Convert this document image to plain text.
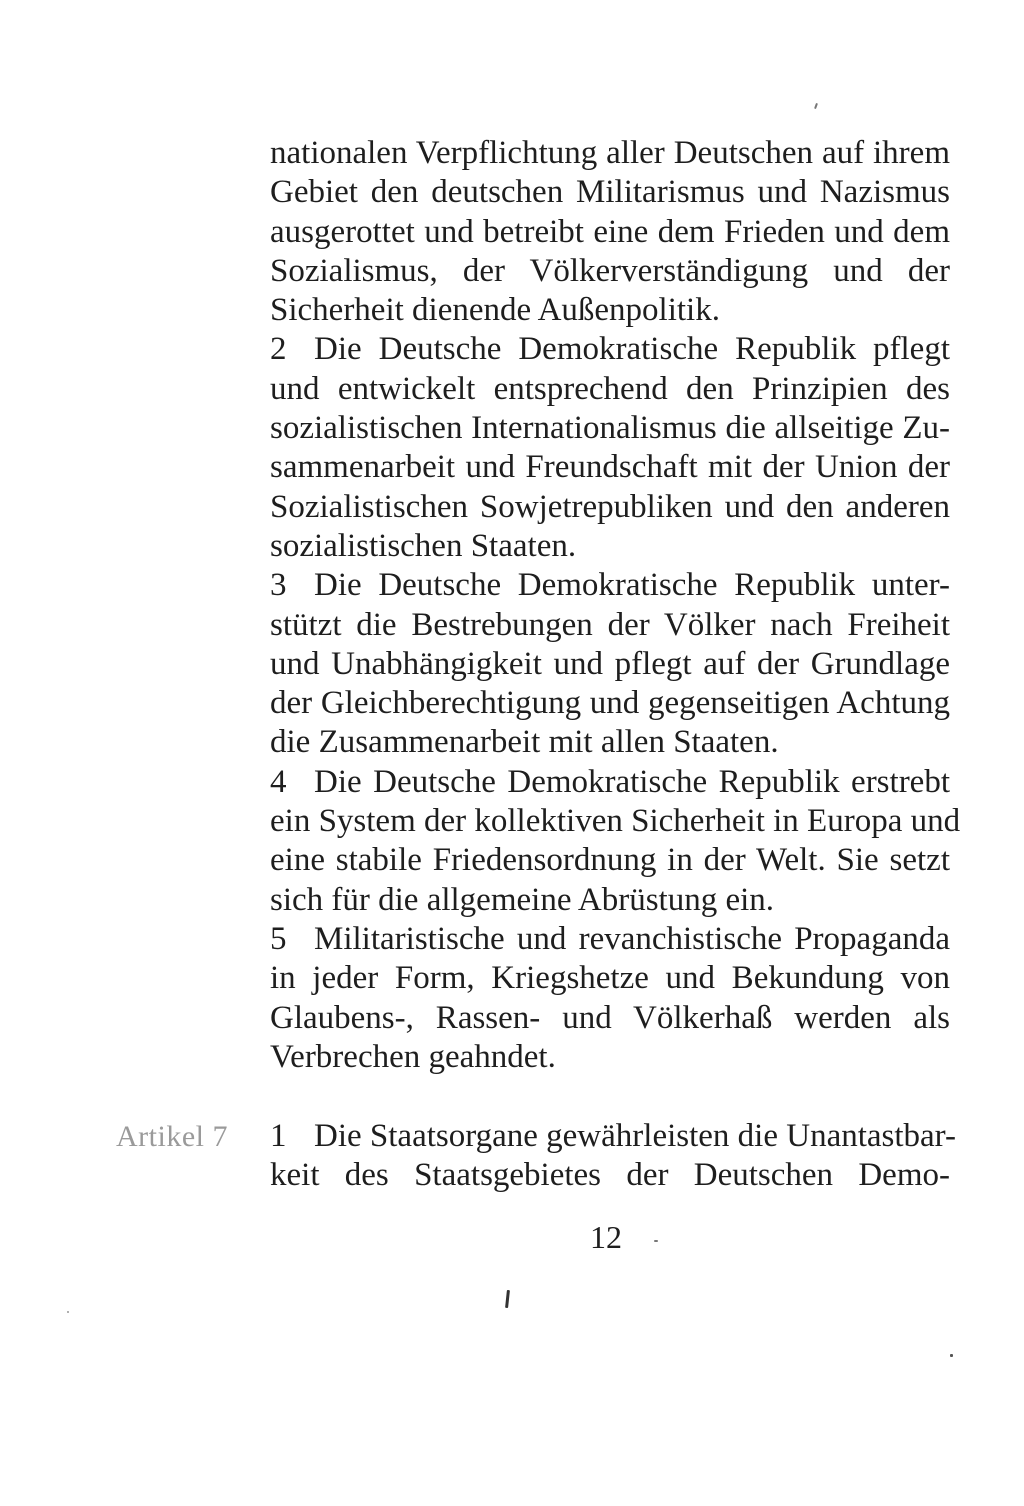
nationalen Verpflichtung aller Deutschen auf ihrem
Gebiet den deutschen Militarismus und Nazismus
ausgerottet und betreibt eine dem Frieden und dem
Sozialismus, der Völkerverständigung und der
Sicherheit dienende Außenpolitik.
2 Die Deutsche Demokratische Republik pflegt
und entwickelt entsprechend den Prinzipien des
sozialistischen Internationalismus die allseitige Zu-
sammenarbeit und Freundschaft mit der Union der
Sozialistischen Sowjetrepubliken und den anderen
sozialistischen Staaten.
3 Die Deutsche Demokratische Republik unter-
stützt die Bestrebungen der Völker nach Freiheit
und Unabhängigkeit und pflegt auf der Grundlage
der Gleichberechtigung und gegenseitigen Achtung
die Zusammenarbeit mit allen Staaten.
4 Die Deutsche Demokratische Republik erstrebt
ein System der kollektiven Sicherheit in Europa und
eine stabile Friedensordnung in der Welt. Sie setzt
sich für die allgemeine Abrüstung ein.
5 Militaristische und revanchistische Propaganda
in jeder Form, Kriegshetze und Bekundung von
Glaubens-, Rassen- und Völkerhaß werden als
Verbrechen geahndet.
Artikel 7 1 Die Staatsorgane gewährleisten die Unantastbar-
keit des Staatsgebietes der Deutschen Demo-
12
